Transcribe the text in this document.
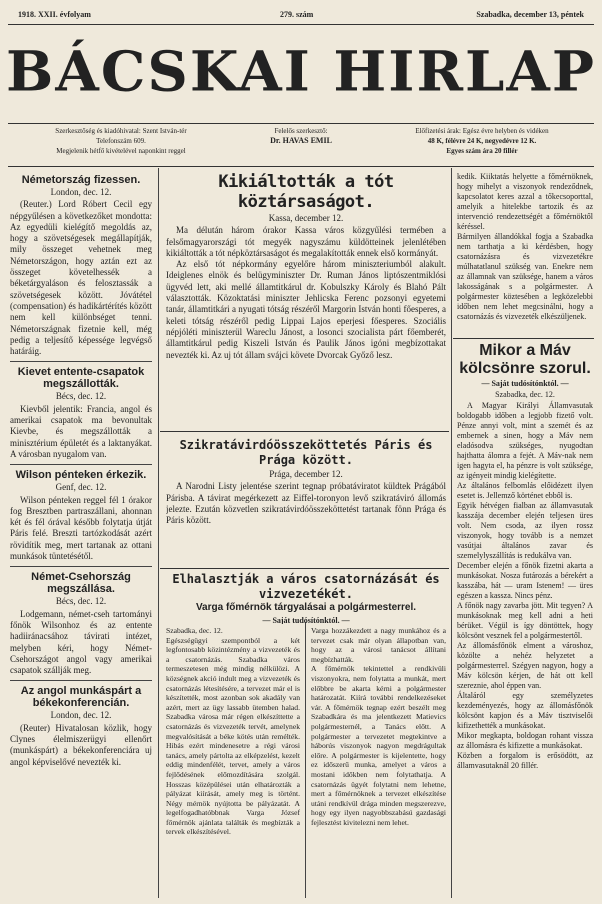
1918. XXII. évfolyam	279. szám	Szabadka, december 13, péntek
BÁCSKAI HIRLAP
Szerkesztőség és kiadóhivatal: Szent István-tér
Telefonszám 609.
Megjelenik hétfő kivételével naponkint reggel
Felelős szerkesztő:
Dr. HAVAS EMIL
Előfizetési árak: Egész évre helyben és vidéken
48 K, félévre 24 K, negyedévre 12 K.
Egyes szám ára 20 fillér
Németország fizessen.
London, dec. 12.

(Reuter.) Lord Róbert Cecil egy népgyűlésen a következőket mondotta: Az egyedüli kielégítő megoldás az, hogy a szövetségesek megállapítják, mily összeget vehetnek meg Németországon, hogy aztán ezt az összeget követelhessék a béketárgyaláson és felosztassák a szövetségesek között. Jóvátétel (compensation) és hadikártérítés között nem kell különbséget tenni. Németországnak fizetnie kell, még pedig a teljesítő képessége legvégső határáig.

Kievet entente-csapatok megszállották.
Bécs, dec. 12.

Kievből jelentik: Francia, angol és amerikai csapatok ma bevonultak Kievbe, és megszállották a minisztérium épületét és a laktanyákat. A városban nyugalom van.

Wilson pénteken érkezik.
Genf, dec. 12.

Wilson pénteken reggel fél 1 órakor fog Bresztben partraszállani, ahonnan két és fél órával később folytatja útját Páris felé. Breszti tartózkodását azért rövidítik meg, mert tartanak az ottani munkások tüntetésétől.

Német-Csehország megszállása.
Bécs, dec. 12.

Lodgemann, német-cseh tartományi főnök Wilsonhoz és az entente hadiiránacsához távirati intézet, melyben kéri, hogy Német-Csehországot angol vagy amerikai csapatok szállják meg.

Az angol munkáspárt a békekonferencián.
London, dec. 12.

(Reuter) Hivatalosan közlik, hogy Clynes élelmiszerügyi ellenőrt (munkáspárt) a békekonferenciára uj angol képviselővé nevezték ki.

Kikiáltották a tót köztársaságot.
Kassa, december 12.

Ma délután három órakor Kassa város közgyűlési termében a felsőmagyarországi tót megyék nagyszámu küldötteinek jelenlétében kikiáltották a tót népköztársaságot és megalakították ennek első kormányát.

Az első tót népkormány egyelőre három miniszteriumból alakult. Ideiglenes elnök és belügyminiszter Dr. Ruman János liptószentmiklósi ügyvéd lett, aki mellé államtitkárul dr. Kobulszky Károly és Blahó Pált választották. Közoktatási miniszter Jehlicska Ferenc pozsonyi egyetemi tanár, államtitkári a nyugati tótság részéről Margorin István honti főesperes, a keleti tótság részéről pedig Lippai Lajos eperjesi főesperes. Szociális népjóléti miniszterül Wareclu Jánost, a losonci szocialista párt főemberét, államtitkárul pedig Kiszeli István és Paulik János igóni megbízottakat nevezték ki. Az uj tót állam svájci követe Dvorcak Győző lesz.

Szikratávirdóösszeköttetés Páris és Prága között.
Prága, december 12.

A Narodni Listy jelentése szerint tegnap próbatáviratot küldtek Prágából Párisba. A távirat megérkezett az Eiffel-toronyon levő szikratáviró állomás jelezte. Ezután közvetlen szikratávirdóösszeköttetést tartanak fönn Prága és Páris között.

Elhalasztják a város csatornázását és vizvezetékét.
Varga főmérnök tárgyalásai a polgármesterrel.
— Saját tudósítónktól. —
Szabadka, dec. 12.
Egészségügyi szempontból a két legfontosabb közintézmény a vizvezeték és a csatornázás. Szabadka város termeszetesen még mindig nélkülözi. A községnek akció indult meg a vizvezeték és csatornázás létesítésére, a tervezet már el is készítették, most azonban sok akadály van azért, mert az ügy lassabb ütemben halad. Szabadka városa már régen elkészíttette a csatornázás és vizvezeték tervét, amelynek megvalósítását a béke kötés után remélték. Hibás ezért mindenesetre a régi városi tanács, amely pártolta az elképzelést, kezelt eddig mindenfélét, tervet, amely a város fejlődésének előmozdítására szolgál. Hosszas középülései után elhatározták a pályázat kiírását, amely meg is történt. Négy mérnök nyújtotta be pályázatát. A legelfogadhatóbbnak Varga József főmérnök ajánlata találták és megbízták a tervek elkészítésével.
Varga hozzákezdett a nagy munkához és a tervezet csak már olyan állapotban van, hogy az a városi tanácsot állítani megbízhatták.
A főmérnök tekintettel a rendkívüli viszonyokra, nem folytatta a munkát, mert előbbre be akarta kérni a polgármester határozatát. Kiírá további rendelkezéseket vár. A főmérnök tegnap ezért beszélt meg Szabadkára és ma jelentkezett Matievics polgármesternél, a Tanács előtt. A polgármester a tervezetet megtekintve a háborús viszonyok nagyon megdrágultak előre. A polgármester is kijelentette, hogy ez időszerű munka, amelyet a város a mostani időkben nem folytathatja. A csatornázás ügyét folytatni nem lehetne, mert a főmérnöknek a tervezet elkészítése utáni rendkívül drága minden megszerezve, hogy egy ilyen nagyobbszabású gazdasági fejlesztést kivitelezni nem lehet.
kedik. Kiiktatás helyette a főmérnöknek, hogy mihelyt a viszonyok rendeződnek, kapcsolatot keres azzal a tőkecsoporttal, amelyik a hitelekbe tartozik és az intervenció rendezettségét a főmérnöktől kéréssel.
Bármilyen állandókkal fogja a Szabadka nem tarthatja a ki kérdésben, hogy csatornázásra és vizvezetékre múlhatatlanul szükség van. Enekre nem az államnak van szüksége, hanem a város lakosságának s a polgármester. A polgármester köztesében a legközelebbi időben nem lehet megcsinálni, hogy a csatornázás és vizvezeték elkészüljenek.
Mikor a Máv kölcsönre szorul.
— Saját tudósítónktól. —
Szabadka, dec. 12.
A Magyar Királyi Államvasutak boldogabb időben a legjobb fizető volt. Pénze annyi volt, mint a szemét és az embernek a sinen, hogy a Máv nem eladósodva szükséges, nyugodtan hajthatta álomra a fejét. A Máv-nak nem igen hagyta el, ha pénzre is volt szüksége, az igényeit mindig kielégítette.
Az általános felbomlás előidézett ilyen esetet is. Jellemző körténet ebből is.
Egyik hétvégen fialban az államvasutak kasszája december elején teljesen üres volt. Nem csoda, az ilyen rossz viszonyok, hogy tovább is a nemzet vasútjai általános zavar és szemelylyszállítás is redukálva van.
December elején a főnök fizetni akarta a munkásokat. Nosza futározás a bérekért a kasszába, hát — uram Istenem! — üres egészen a kassza. Nincs pénz.
A főnök nagy zavarba jött. Mit tegyen? A munkásoknak meg kell adni a heti bérüket. Végül is így döntöttek, hogy kölcsönt vesznek fel a polgármestertől.
Az állomásfőnök elment a városhoz, közölte a nehéz helyzetet a polgármesterrel. Szégyen nagyon, hogy a Máv kölcsön kérjen, de hát ott kell szereznie, ahol éppen van.
Általáról egy személyzetes kezdeményezés, hogy az állomásfőnök kölcsönt kapjon és a Máv tisztviselői kifizethették a munkásokat.
Mikor megkapta, boldogan rohant vissza az állomásra és kifizette a munkásokat.
Közben a forgalom is erősödött, az államvasutaknál 20 fillér.
